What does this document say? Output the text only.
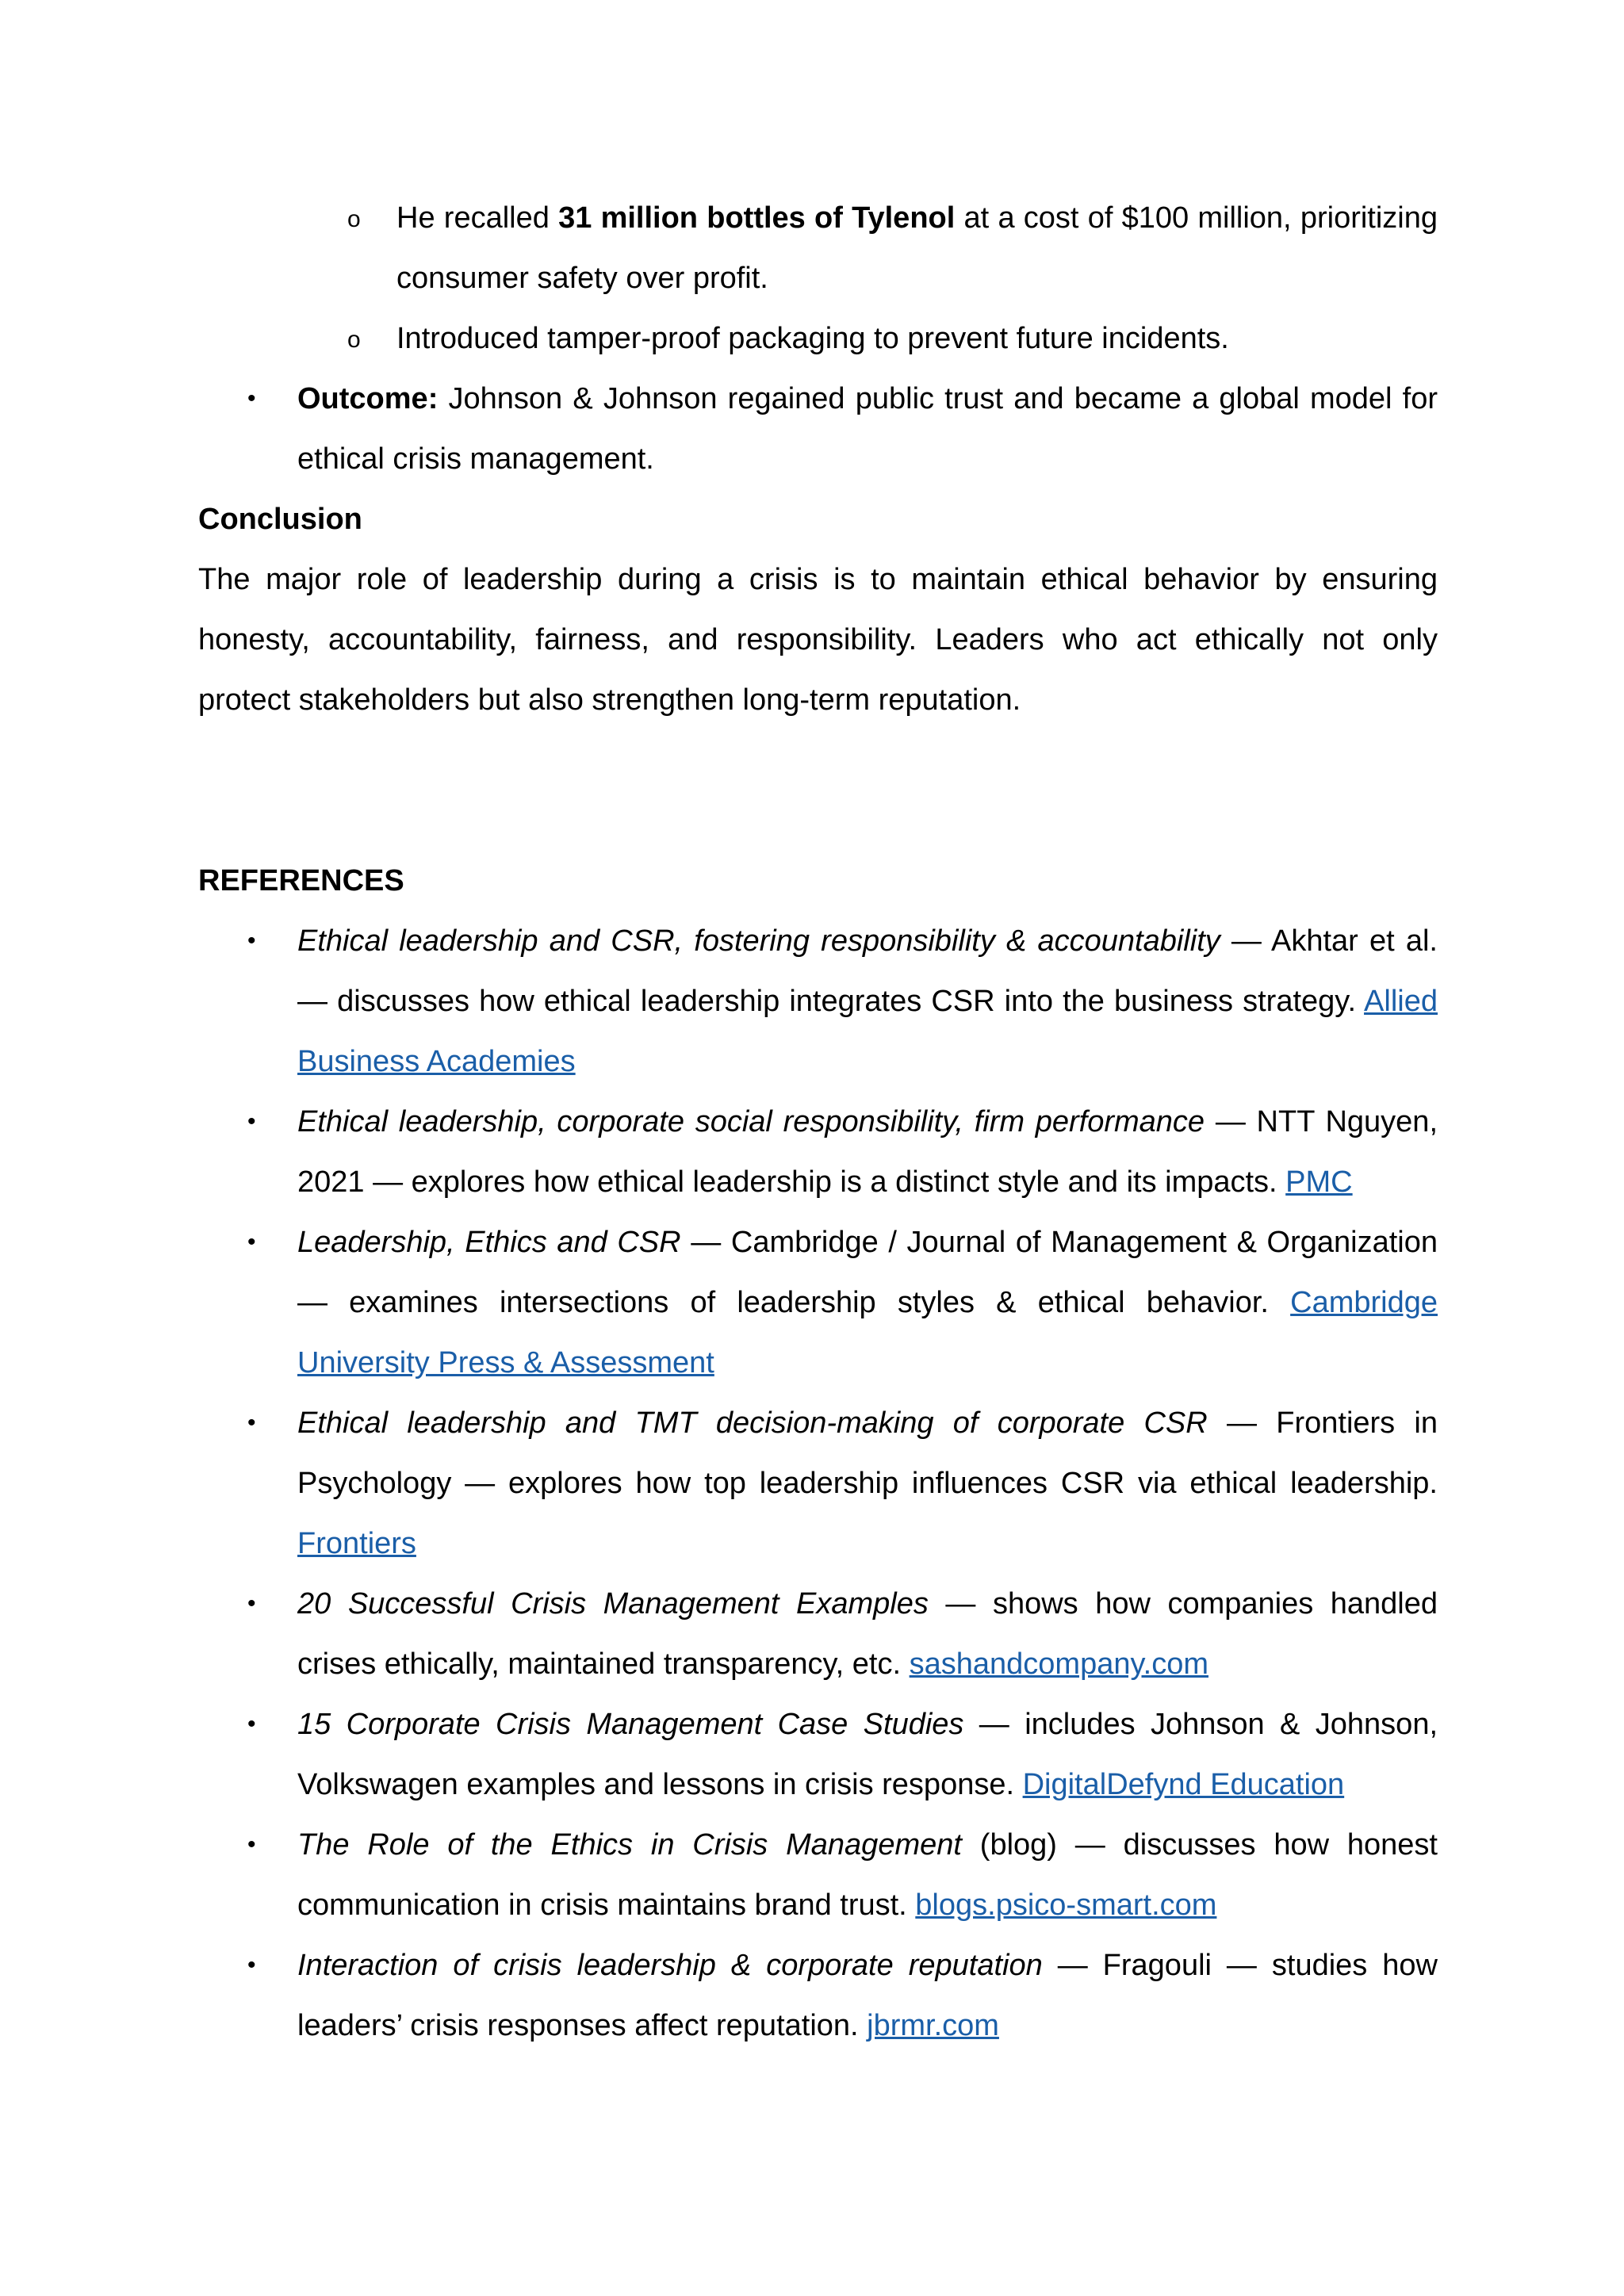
o He recalled 31 million bottles of Tylenol at a cost of $100 million, prioritizing consumer safety over profit.
o Introduced tamper-proof packaging to prevent future incidents.
• Outcome: Johnson & Johnson regained public trust and became a global model for ethical crisis management.
Conclusion
The major role of leadership during a crisis is to maintain ethical behavior by ensuring honesty, accountability, fairness, and responsibility. Leaders who act ethically not only protect stakeholders but also strengthen long-term reputation.
REFERENCES
• Ethical leadership and CSR, fostering responsibility & accountability — Akhtar et al. — discusses how ethical leadership integrates CSR into the business strategy. Allied Business Academies
• Ethical leadership, corporate social responsibility, firm performance — NTT Nguyen, 2021 — explores how ethical leadership is a distinct style and its impacts. PMC
• Leadership, Ethics and CSR — Cambridge / Journal of Management & Organization — examines intersections of leadership styles & ethical behavior. Cambridge University Press & Assessment
• Ethical leadership and TMT decision-making of corporate CSR — Frontiers in Psychology — explores how top leadership influences CSR via ethical leadership. Frontiers
• 20 Successful Crisis Management Examples — shows how companies handled crises ethically, maintained transparency, etc. sashandcompany.com
• 15 Corporate Crisis Management Case Studies — includes Johnson & Johnson, Volkswagen examples and lessons in crisis response. DigitalDefynd Education
• The Role of the Ethics in Crisis Management (blog) — discusses how honest communication in crisis maintains brand trust. blogs.psico-smart.com
• Interaction of crisis leadership & corporate reputation — Fragouli — studies how leaders’ crisis responses affect reputation. jbrmr.com
